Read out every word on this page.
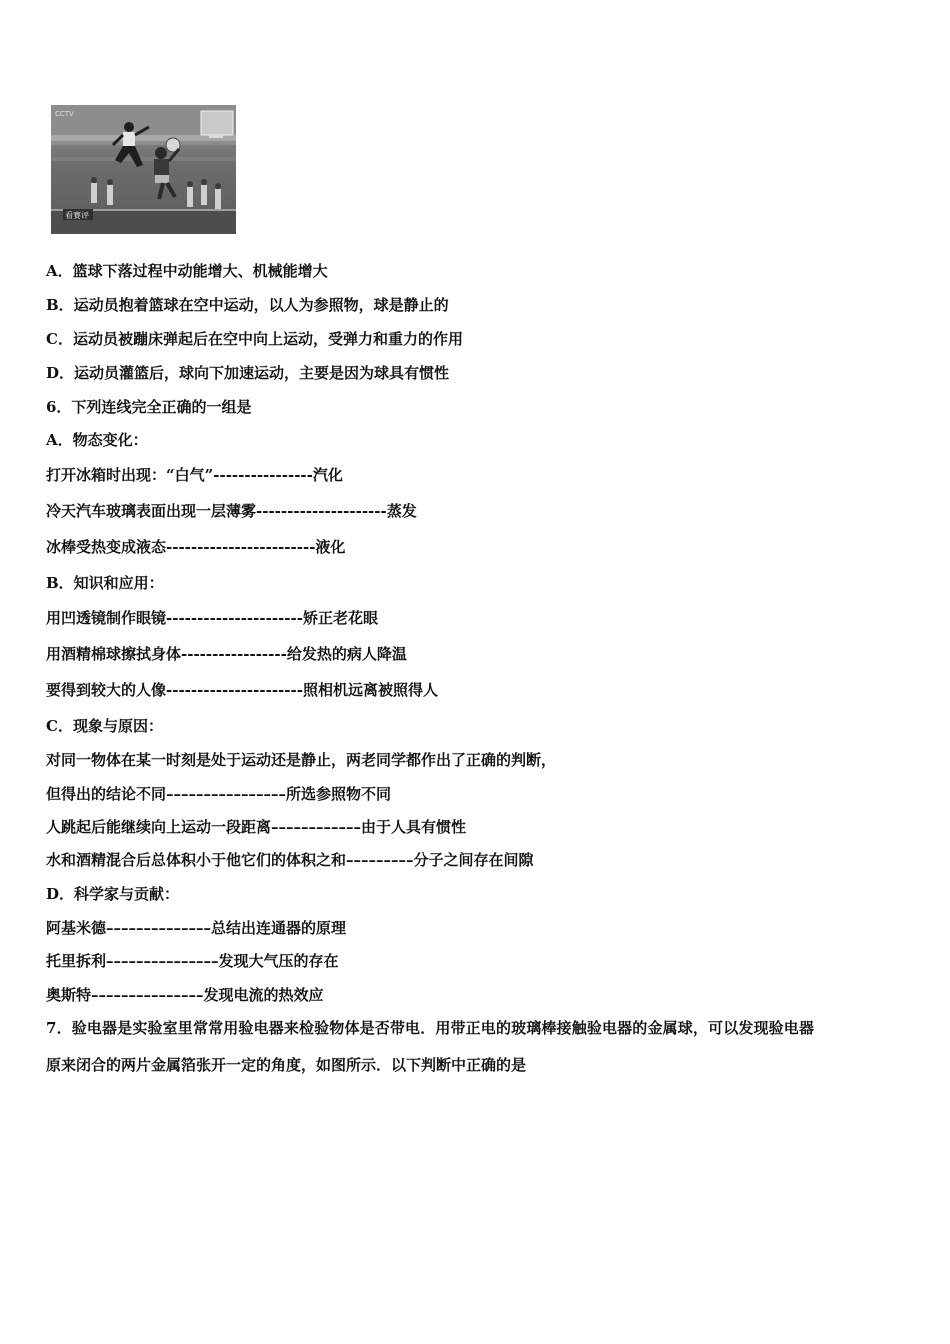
CCTV
看赛评
A．篮球下落过程中动能增大、机械能增大
B．运动员抱着篮球在空中运动，以人为参照物，球是静止的
C．运动员被蹦床弹起后在空中向上运动，受弹力和重力的作用
D．运动员灌篮后，球向下加速运动，主要是因为球具有惯性
6．下列连线完全正确的一组是
A．物态变化：
打开冰箱时出现：“白气”----------------汽化
冷天汽车玻璃表面出现一层薄雾---------------------蒸发
冰棒受热变成液态------------------------液化
B．知识和应用：
用凹透镜制作眼镜----------------------矫正老花眼
用酒精棉球擦拭身体-----------------给发热的病人降温
要得到较大的人像----------------------照相机远离被照得人
C．现象与原因：
对同一物体在某一时刻是处于运动还是静止，两老同学都作出了正确的判断，
但得出的结论不同––––––––––––––––所选参照物不同
人跳起后能继续向上运动一段距离––––––––––––由于人具有惯性
水和酒精混合后总体积小于他它们的体积之和–––––––––分子之间存在间隙
D．科学家与贡献：
阿基米德––––––––––––––总结出连通器的原理
托里拆利–––––––––––––––发现大气压的存在
奥斯特–––––––––––––––发现电流的热效应
7．验电器是实验室里常常用验电器来检验物体是否带电．用带正电的玻璃棒接触验电器的金属球，可以发现验电器
原来闭合的两片金属箔张开一定的角度，如图所示．以下判断中正确的是
